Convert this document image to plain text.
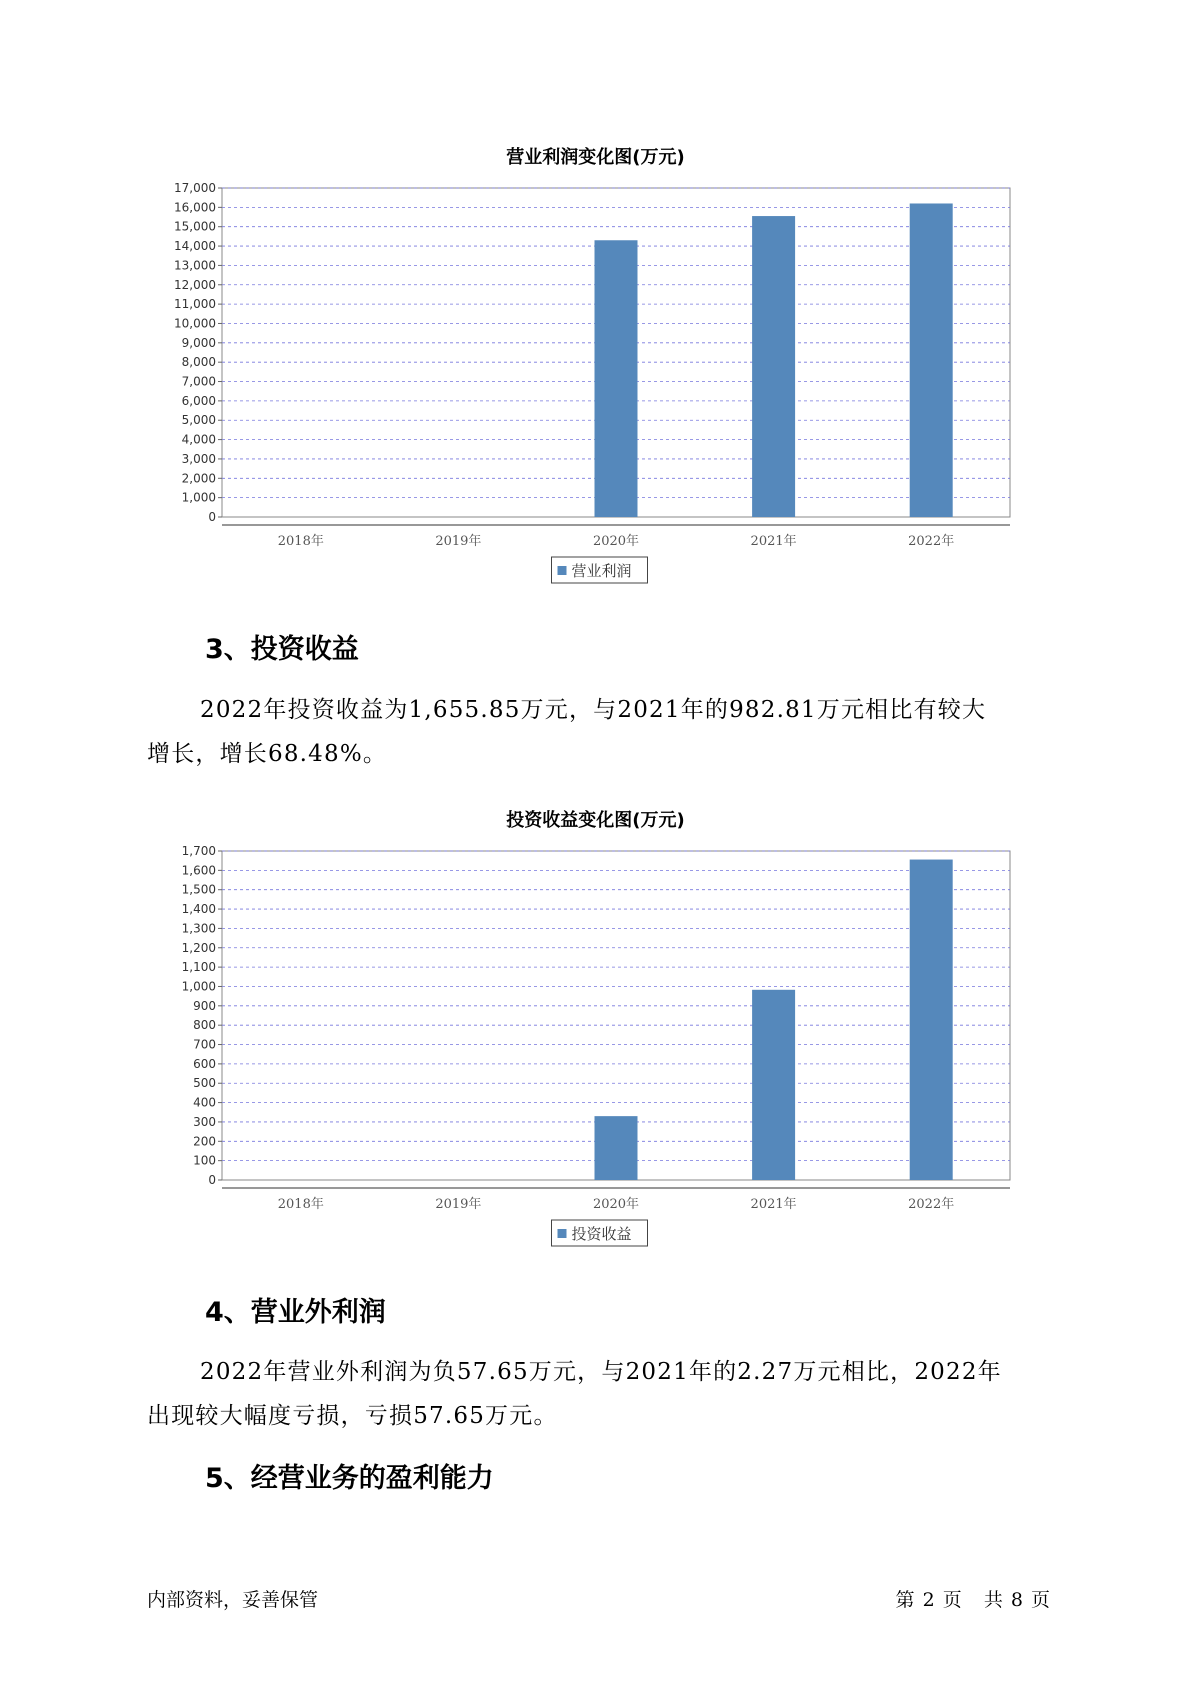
营业利润变化图(万元)
0
1,000
2,000
3,000
4,000
5,000
6,000
7,000
8,000
9,000
10,000
11,000
12,000
13,000
14,000
15,000
16,000
17,000
2018年	2019年	2020年	2021年	2022年
营业利润
3、投资收益
2022年投资收益为1,655.85万元，与2021年的982.81万元相比有较大
增长，增长68.48%。
投资收益变化图(万元)
0
100
200
300
400
500
600
700
800
900
1,000
1,100
1,200
1,300
1,400
1,500
1,600
1,700
2018年	2019年	2020年	2021年	2022年
投资收益
4、营业外利润
2022年营业外利润为负57.65万元，与2021年的2.27万元相比，2022年
出现较大幅度亏损，亏损57.65万元。
5、经营业务的盈利能力
内部资料，妥善保管	第 2 页   共 8 页
